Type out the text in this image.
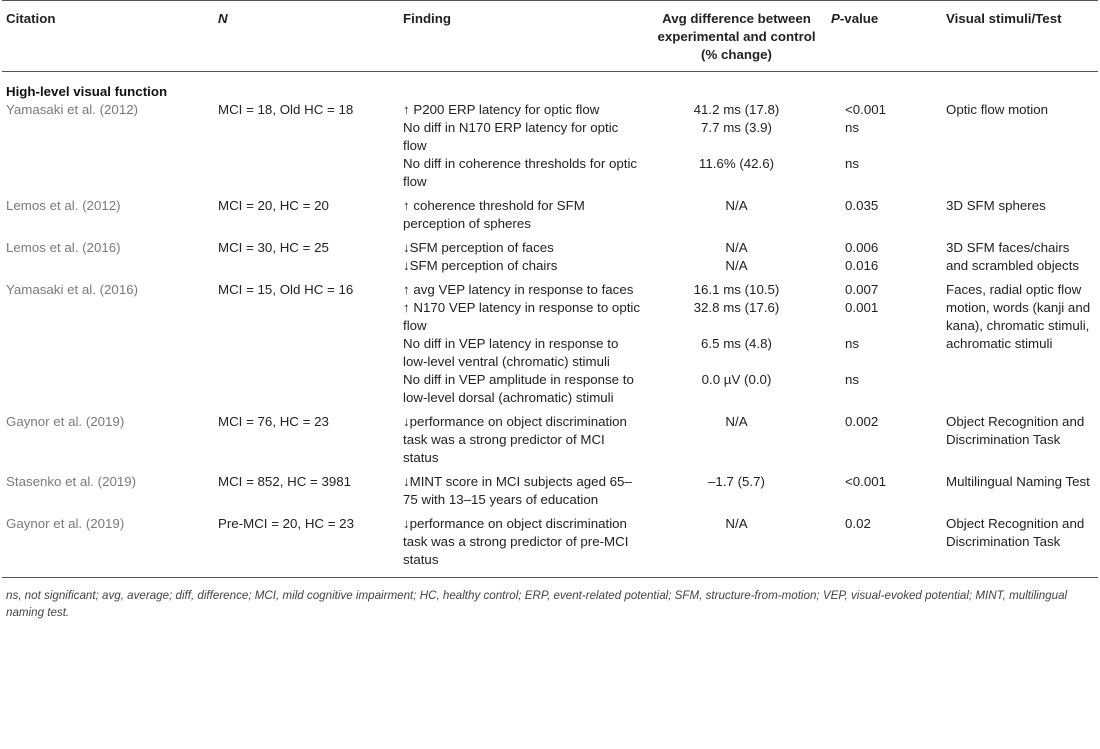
Citation	N	Finding	Avg difference between experimental and control (% change)	P-value	Visual stimuli/Test
High-level visual function					
Yamasaki et al. (2012)	MCI = 18, Old HC = 18	↑ P200 ERP latency for optic flow	41.2 ms (17.8)	<0.001	Optic flow motion
		No diff in N170 ERP latency for optic flow	7.7 ms (3.9)	ns	
		No diff in coherence thresholds for optic flow	11.6% (42.6)	ns	
Lemos et al. (2012)	MCI = 20, HC = 20	↑ coherence threshold for SFM perception of spheres	N/A	0.035	3D SFM spheres
Lemos et al. (2016)	MCI = 30, HC = 25	↓SFM perception of faces	N/A	0.006	3D SFM faces/chairs
		↓SFM perception of chairs	N/A	0.016	and scrambled objects
Yamasaki et al. (2016)	MCI = 15, Old HC = 16	↑ avg VEP latency in response to faces	16.1 ms (10.5)	0.007	Faces, radial optic flow motion, words (kanji and kana), chromatic stimuli, achromatic stimuli
		↑ N170 VEP latency in response to optic flow	32.8 ms (17.6)	0.001	
		No diff in VEP latency in response to low-level ventral (chromatic) stimuli	6.5 ms (4.8)	ns	
		No diff in VEP amplitude in response to low-level dorsal (achromatic) stimuli	0.0 µV (0.0)	ns	
Gaynor et al. (2019)	MCI = 76, HC = 23	↓performance on object discrimination task was a strong predictor of MCI status	N/A	0.002	Object Recognition and Discrimination Task
Stasenko et al. (2019)	MCI = 852, HC = 3981	↓MINT score in MCI subjects aged 65–75 with 13–15 years of education	–1.7 (5.7)	<0.001	Multilingual Naming Test
Gaynor et al. (2019)	Pre-MCI = 20, HC = 23	↓performance on object discrimination task was a strong predictor of pre-MCI status	N/A	0.02	Object Recognition and Discrimination Task
ns, not significant; avg, average; diff, difference; MCI, mild cognitive impairment; HC, healthy control; ERP, event-related potential; SFM, structure-from-motion; VEP, visual-evoked potential; MINT, multilingual naming test.
